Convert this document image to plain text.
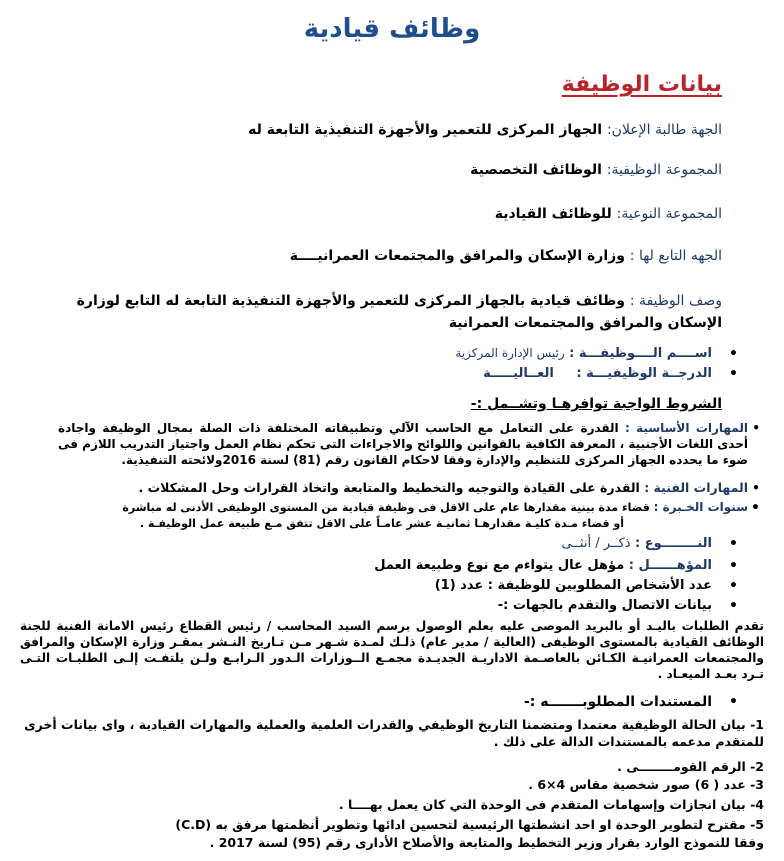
وظائف قيادية
بيانات الوظيفة
الجهة طالبة الإعلان: الجهاز المركزى للتعمير والأجهزة التنفيذية التابعة له
المجموعة الوظيفية: الوظائف التخصصية
المجموعة النوعية: للوظائف القيادية
الجهه التابع لها : وزارة الإسكان والمرافق والمجتمعات العمرانيــــة
وصف الوظيفة : وظائف قيادية بالجهاز المركزى للتعمير والأجهزة التنفيذية التابعة له التابع لوزارة الإسكان والمرافق والمجتمعات العمرانية
•
اســــم الــــوظيفـــة : رئيس الإدارة المركزية
•
الدرجــة الوظيفيـــة : العــاليـــــة
الشروط الواجبة توافرهـا وتشــمل :-
•
المهارات الأساسية : القدرة على التعامل مع الحاسب الآلي وتطبيقاته المختلفة ذات الصلة بمجال الوظيفة واجادة أحدى اللغات الأجنبية ، المعرفة الكافية بالقوانين واللوائح والاجراءات التى تحكم نظام العمل واجتياز التدريب اللازم فى ضوء ما يحدده الجهاز المركزى للتنظيم والإدارة وفقا لاحكام القانون رقم (81) لسنة 2016ولائحته التنفيذية.
•
المهارات الفنية : القدرة على القيادة والتوجيه والتخطيط والمتابعة واتخاذ القرارات وحل المشكلات .
•
سنوات الخـبرة : قضاء مدة بينية مقدارها عام على الاقل فى وظيفة قيادية من المستوى الوظيفى الأدنى له مباشرة
أو قضاء مـدة كليـة مقدارهـا ثمانيـة عشر عامـاً على الاقل تتفق مـع طبيعة عمل الوظيفـة .
•
النــــــــوع : ذكــر / أنثــى
•
المؤهــــــل : مؤهل عال يتواءم مع نوع وطبيعة العمل
•
عدد الأشخاص المطلوبين للوظيفة : عدد (1)
•
بيانات الاتصال والتقدم بالجهات :-
تقدم الطلبات باليـد أو بالبريد الموصى عليه بعلم الوصول برسم السيد المحاسب / رئيس القطاع رئيس الامانة الفنية للجنة الوظائف القيادية بالمستوى الوظيفى (العالية / مدير عام) ذلـك لمـدة شـهر مـن تـاريخ النـشر بمقـر وزارة الإسكان والمرافق والمجتمعات العمرانيـة الكـائن بالعاصـمة الاداريـة الجديـدة مجمـع الــوزارات الـدور الـرابـع ولـن يلتفـت إلـى الطلبـات التـى تـرد بعـد الميعـاد .
•
المستندات المطلوبـــــــه :-
1- بيان الحالة الوظيفية معتمدا ومتضمنا التاريخ الوظيفي والقدرات العلمية والعملية والمهارات القيادية ، واى بيانات أخرى للمتقدم مدعمه بالمستندات الدالة على ذلك .
2- الرقم القومــــــــى .
3- عدد ( 6) صور شخصية مقاس 4×6 .
4- بيان انجازات وإسهامات المتقدم فى الوحدة التي كان يعمل بهــــا .
5- مقترح لتطوير الوحدة او احد انشطتها الرئيسية لتحسين ادائها وتطوير أنظمتها مرفق به (C.D)
وفقا للنموذج الوارد بقرار وزير التخطيط والمتابعة والأصلاح الأدارى رقم (95) لسنة 2017 .
